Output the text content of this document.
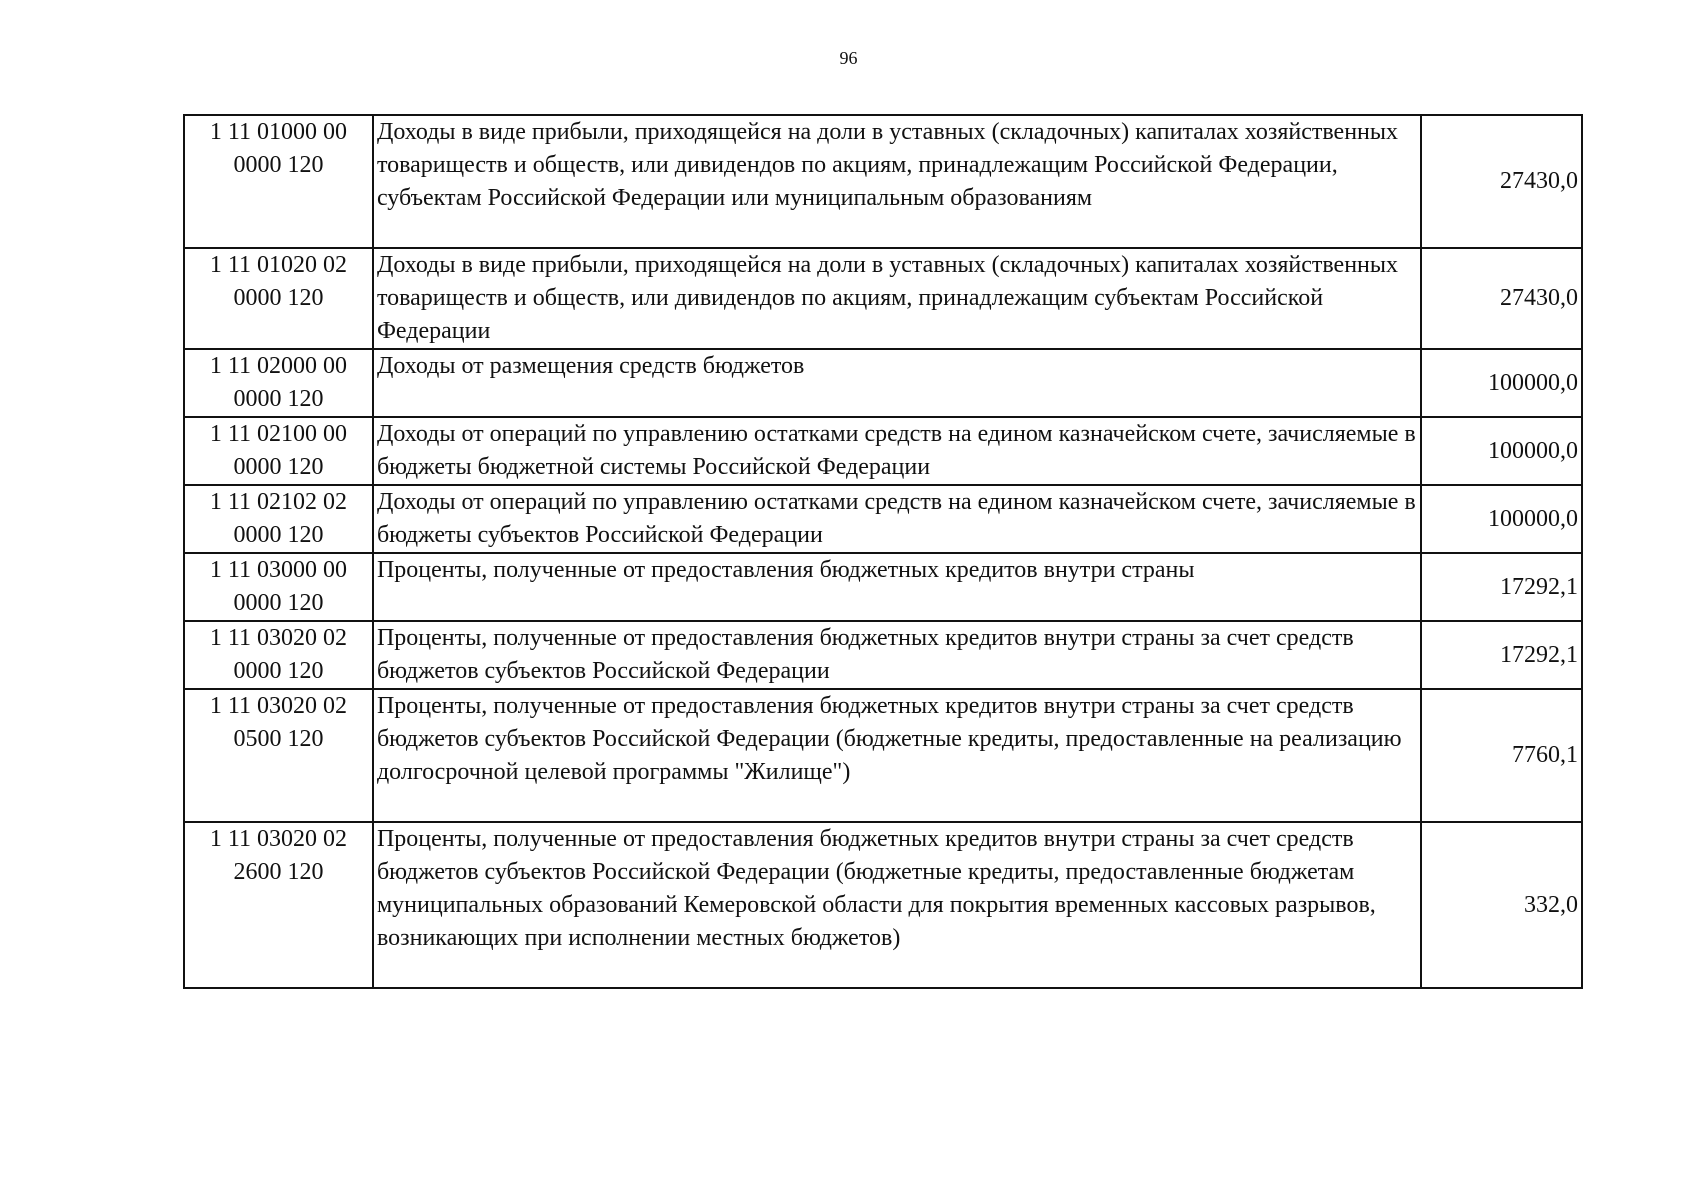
96
1 11 01000 00 0000 120	Доходы в виде прибыли, приходящейся на доли в уставных (складочных) капиталах хозяйственных товариществ и обществ, или дивидендов по акциям, принадлежащим Российской Федерации, субъектам Российской Федерации или муниципальным образованиям	27430,0
1 11 01020 02 0000 120	Доходы в виде прибыли, приходящейся на доли в уставных (складочных) капиталах хозяйственных товариществ и обществ, или дивидендов по акциям, принадлежащим субъектам Российской Федерации	27430,0
1 11 02000 00 0000 120	Доходы от размещения средств бюджетов	100000,0
1 11 02100 00 0000 120	Доходы от операций по управлению остатками средств на едином казначейском счете, зачисляемые в бюджеты бюджетной системы Российской Федерации	100000,0
1 11 02102 02 0000 120	Доходы от операций по управлению остатками средств на едином казначейском счете, зачисляемые в бюджеты субъектов Российской Федерации	100000,0
1 11 03000 00 0000 120	Проценты, полученные от предоставления бюджетных кредитов внутри страны	17292,1
1 11 03020 02 0000 120	Проценты, полученные от предоставления бюджетных кредитов внутри страны за счет средств бюджетов субъектов Российской Федерации	17292,1
1 11 03020 02 0500 120	Проценты, полученные от предоставления бюджетных кредитов внутри страны за счет средств бюджетов субъектов Российской Федерации (бюджетные кредиты, предоставленные на реализацию долгосрочной целевой программы "Жилище")	7760,1
1 11 03020 02 2600 120	Проценты, полученные от предоставления бюджетных кредитов внутри страны за счет средств бюджетов субъектов Российской Федерации (бюджетные кредиты, предоставленные бюджетам муниципальных образований Кемеровской области для покрытия временных кассовых разрывов, возникающих при исполнении местных бюджетов)	332,0
